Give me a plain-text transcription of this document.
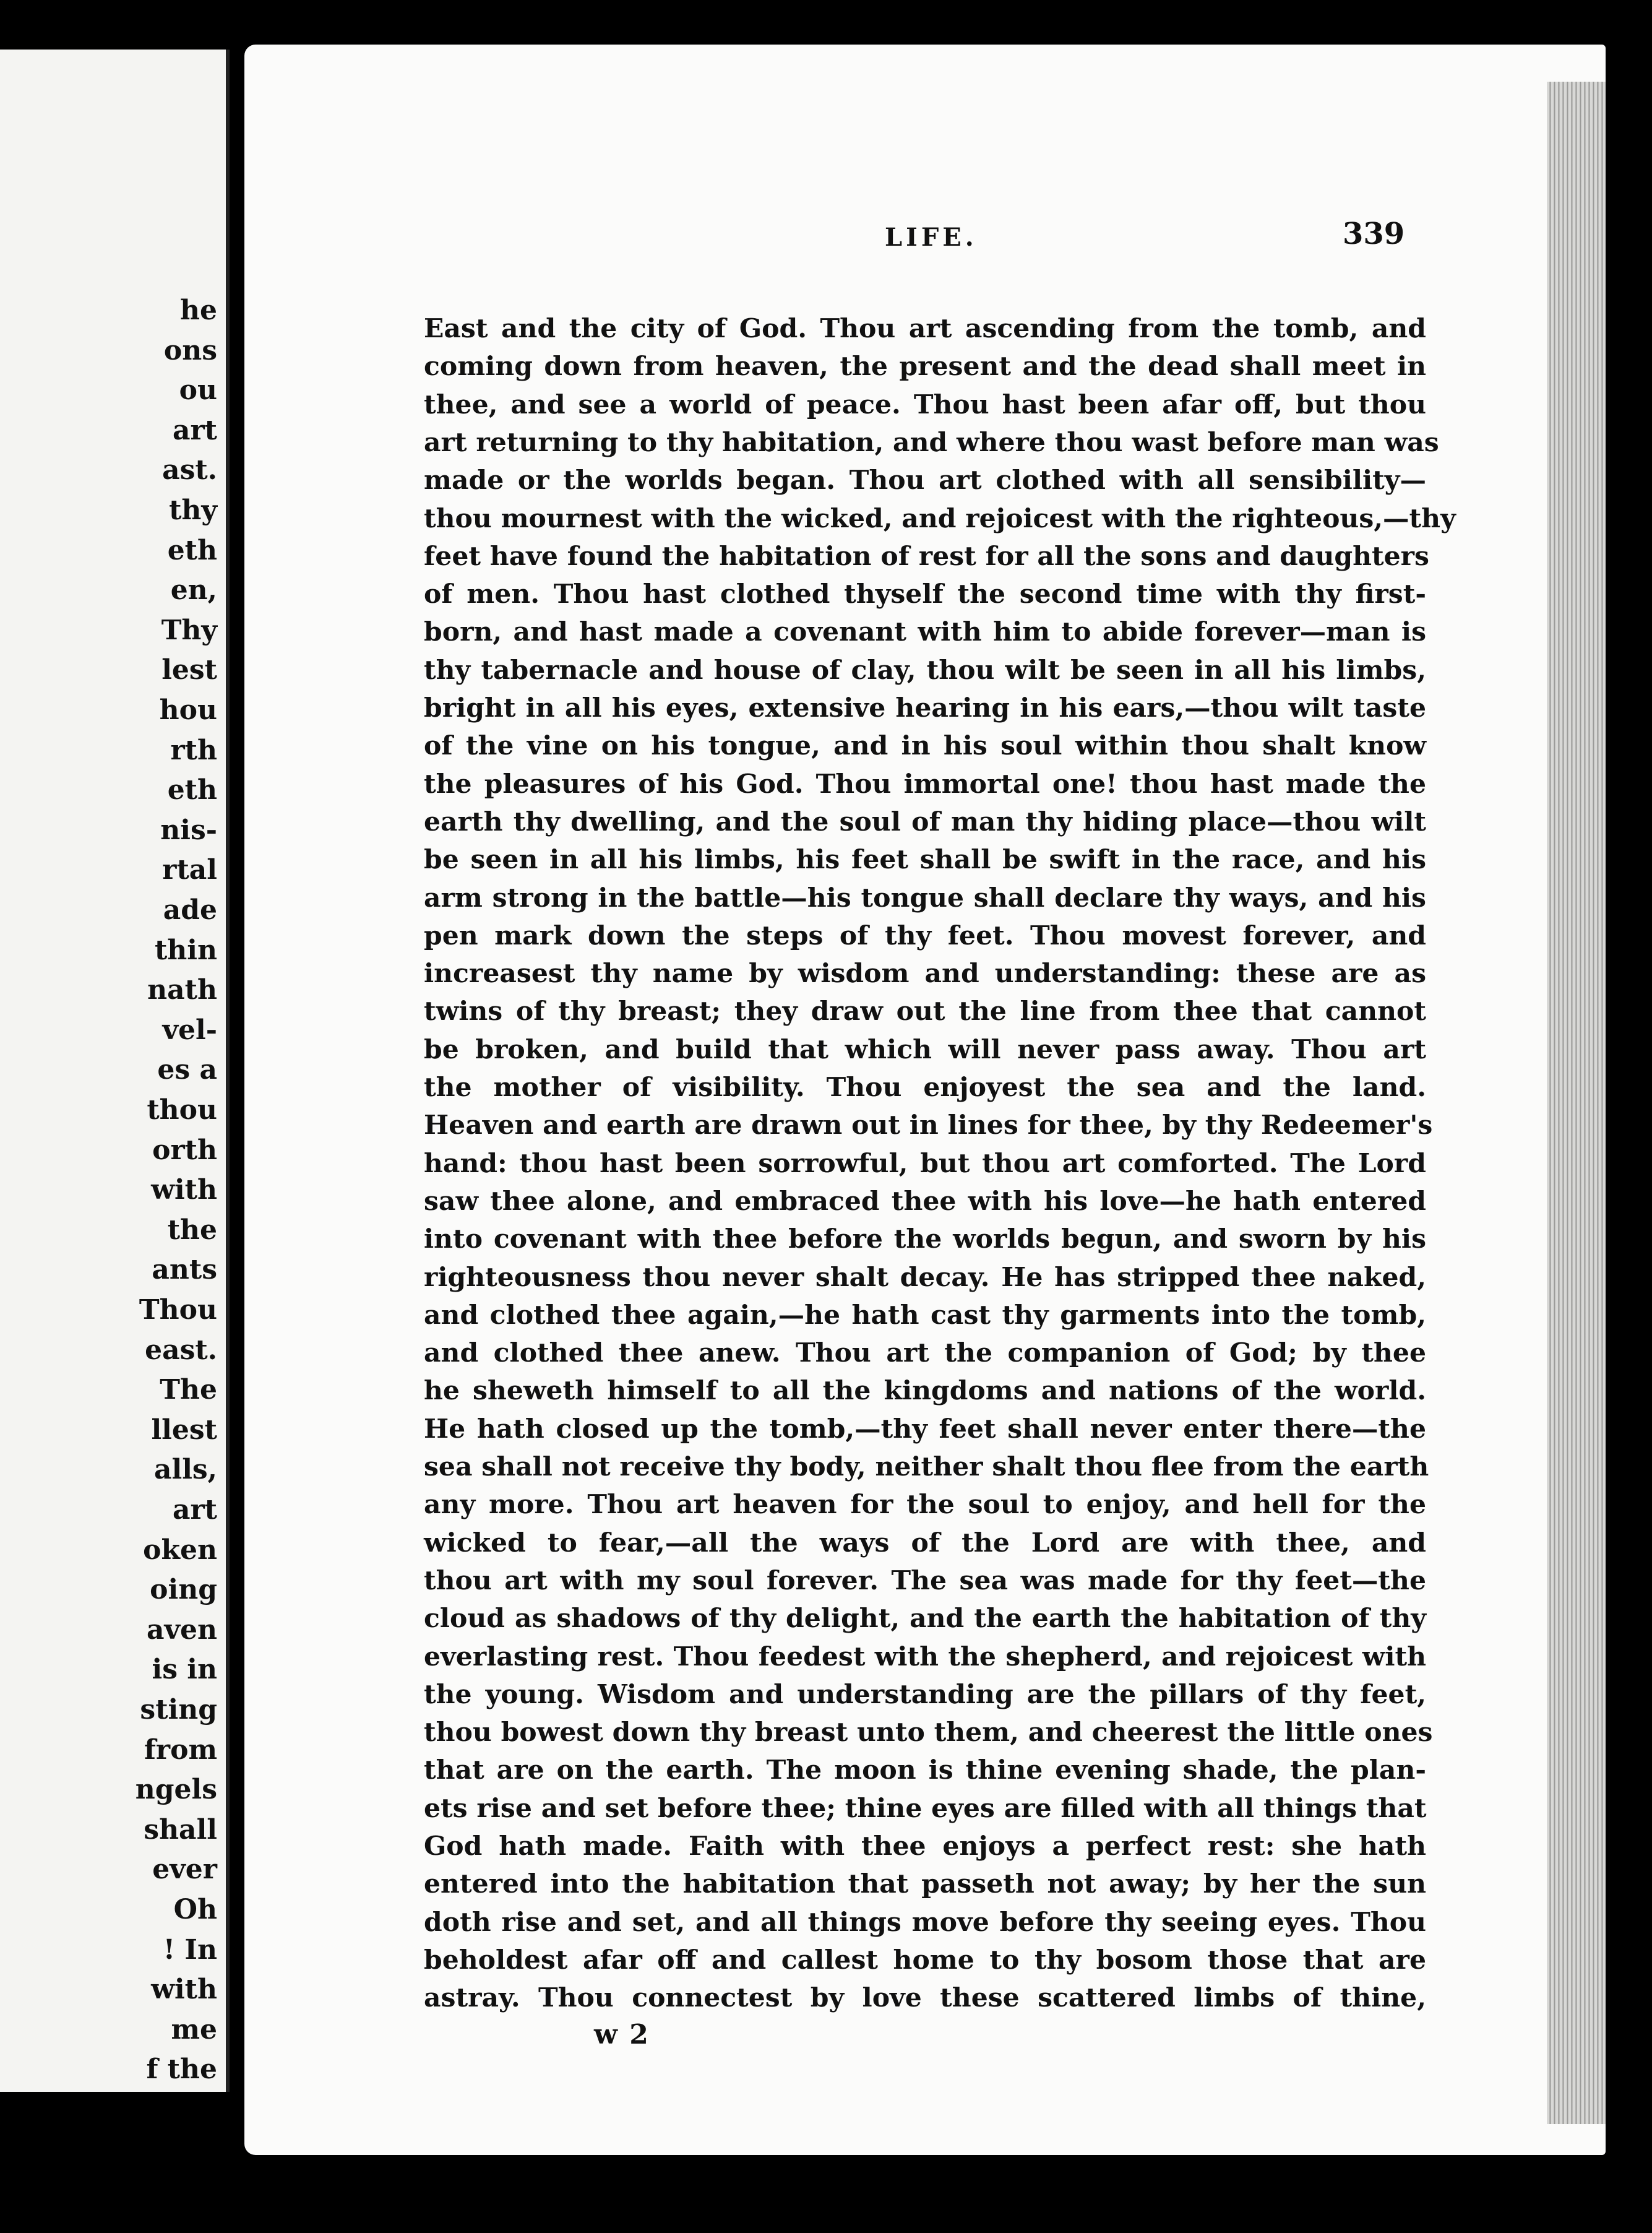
he
ons
ou
art
ast.
thy
eth
en,
Thy
lest
hou
rth
eth
nis-
rtal
ade
thin
nath
vel-
es a
thou
orth
with
the
ants
Thou
east.
The
llest
alls,
art
oken
oing
aven
is in
sting
from
ngels
shall
ever
Oh
! In
with
me
f the
LIFE.	339
East and the city of God. Thou art ascending from the tomb, and
coming down from heaven, the present and the dead shall meet in
thee, and see a world of peace. Thou hast been afar off, but thou
art returning to thy habitation, and where thou wast before man was
made or the worlds began. Thou art clothed with all sensibility—
thou mournest with the wicked, and rejoicest with the righteous,—thy
feet have found the habitation of rest for all the sons and daughters
of men. Thou hast clothed thyself the second time with thy first-
born, and hast made a covenant with him to abide forever—man is
thy tabernacle and house of clay, thou wilt be seen in all his limbs,
bright in all his eyes, extensive hearing in his ears,—thou wilt taste
of the vine on his tongue, and in his soul within thou shalt know
the pleasures of his God. Thou immortal one! thou hast made the
earth thy dwelling, and the soul of man thy hiding place—thou wilt
be seen in all his limbs, his feet shall be swift in the race, and his
arm strong in the battle—his tongue shall declare thy ways, and his
pen mark down the steps of thy feet. Thou movest forever, and
increasest thy name by wisdom and understanding: these are as
twins of thy breast; they draw out the line from thee that cannot
be broken, and build that which will never pass away. Thou art
the mother of visibility. Thou enjoyest the sea and the land.
Heaven and earth are drawn out in lines for thee, by thy Redeemer's
hand: thou hast been sorrowful, but thou art comforted. The Lord
saw thee alone, and embraced thee with his love—he hath entered
into covenant with thee before the worlds begun, and sworn by his
righteousness thou never shalt decay. He has stripped thee naked,
and clothed thee again,—he hath cast thy garments into the tomb,
and clothed thee anew. Thou art the companion of God; by thee
he sheweth himself to all the kingdoms and nations of the world.
He hath closed up the tomb,—thy feet shall never enter there—the
sea shall not receive thy body, neither shalt thou flee from the earth
any more. Thou art heaven for the soul to enjoy, and hell for the
wicked to fear,—all the ways of the Lord are with thee, and
thou art with my soul forever. The sea was made for thy feet—the
cloud as shadows of thy delight, and the earth the habitation of thy
everlasting rest. Thou feedest with the shepherd, and rejoicest with
the young. Wisdom and understanding are the pillars of thy feet,
thou bowest down thy breast unto them, and cheerest the little ones
that are on the earth. The moon is thine evening shade, the plan-
ets rise and set before thee; thine eyes are filled with all things that
God hath made. Faith with thee enjoys a perfect rest: she hath
entered into the habitation that passeth not away; by her the sun
doth rise and set, and all things move before thy seeing eyes. Thou
beholdest afar off and callest home to thy bosom those that are
astray. Thou connectest by love these scattered limbs of thine,
w 2
